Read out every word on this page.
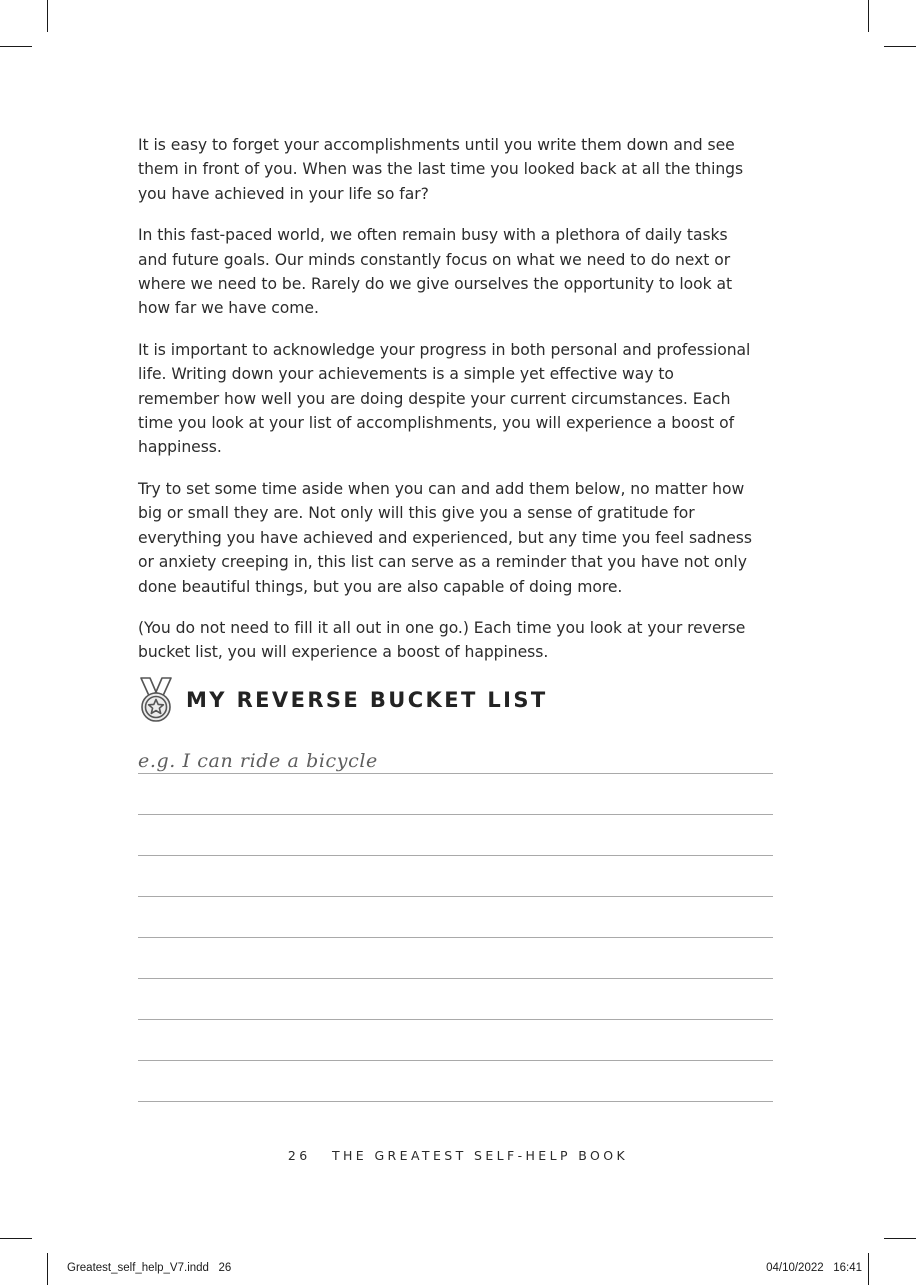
It is easy to forget your accomplishments until you write them down and see them in front of you. When was the last time you looked back at all the things you have achieved in your life so far?

In this fast-paced world, we often remain busy with a plethora of daily tasks and future goals. Our minds constantly focus on what we need to do next or where we need to be. Rarely do we give ourselves the opportunity to look at how far we have come.

It is important to acknowledge your progress in both personal and professional life. Writing down your achievements is a simple yet effective way to remember how well you are doing despite your current circumstances. Each time you look at your list of accomplishments, you will experience a boost of happiness.

Try to set some time aside when you can and add them below, no matter how big or small they are. Not only will this give you a sense of gratitude for everything you have achieved and experienced, but any time you feel sadness or anxiety creeping in, this list can serve as a reminder that you have not only done beautiful things, but you are also capable of doing more.

(You do not need to fill it all out in one go.) Each time you look at your reverse bucket list, you will experience a boost of happiness.

MY REVERSE BUCKET LIST
e.g. I can ride a bicycle
26 THE GREATEST SELF-HELP BOOK
Greatest_self_help_V7.indd   26	04/10/2022   16:41
